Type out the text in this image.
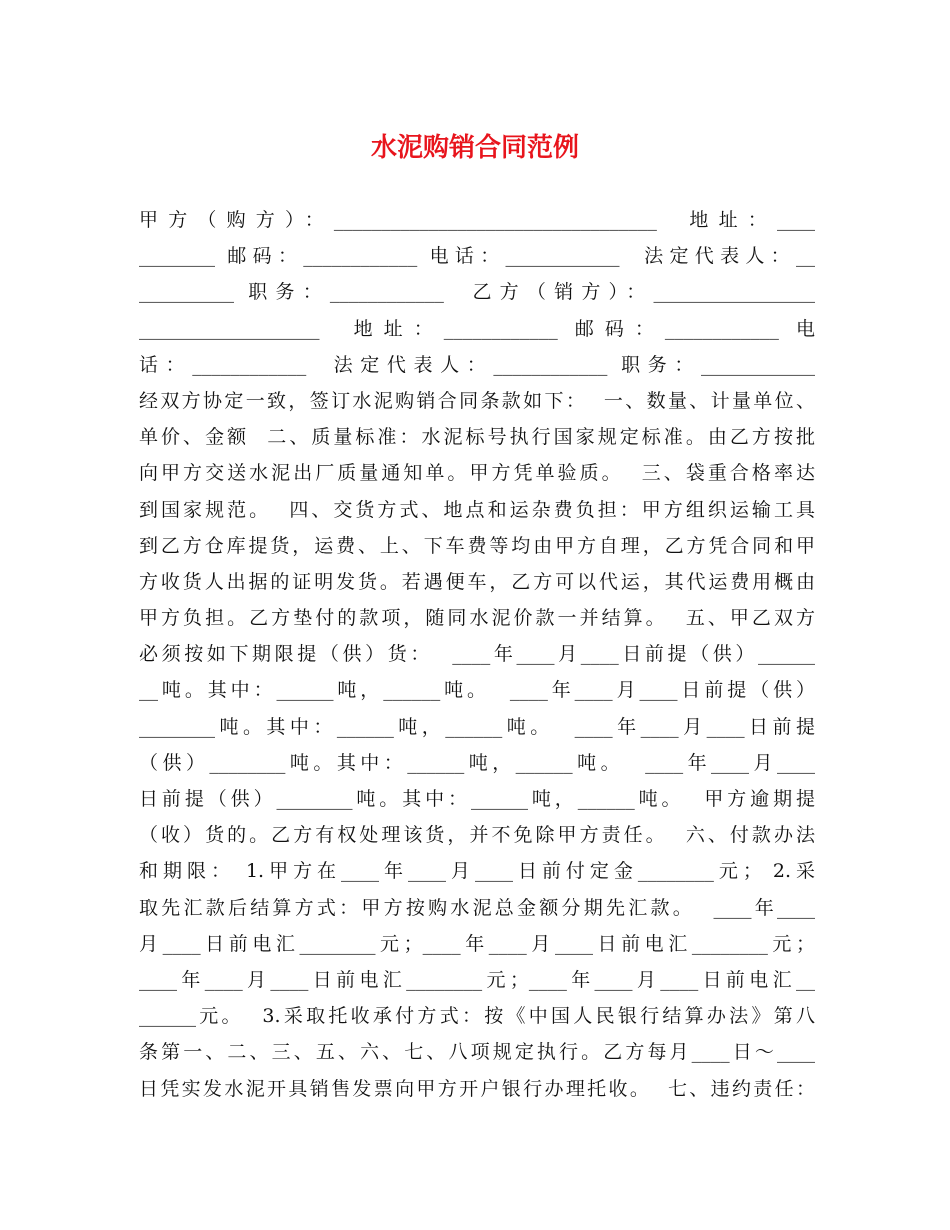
水泥购销合同范例
甲方（购方）：__________________________________  地址：____
________ 邮码：____________ 电话：____________  法定代表人：__
__________ 职务：____________  乙方（销方）：_________________
___________________  地址：____________ 邮码：____________ 电
话：____________  法定代表人：____________ 职务：____________
经双方协定一致，签订水泥购销合同条款如下：  一、数量、计量单位、
单价、金额  二、质量标准：水泥标号执行国家规定标准。由乙方按批
向甲方交送水泥出厂质量通知单。甲方凭单验质。  三、袋重合格率达
到国家规范。  四、交货方式、地点和运杂费负担：甲方组织运输工具
到乙方仓库提货，运费、上、下车费等均由甲方自理，乙方凭合同和甲
方收货人出据的证明发货。若遇便车，乙方可以代运，其代运费用概由
甲方负担。乙方垫付的款项，随同水泥价款一并结算。  五、甲乙双方
必须按如下期限提（供）货：  ____年____月____日前提（供）______
__吨。其中：______吨，______吨。  ____年____月____日前提（供）
________吨。其中：______吨，______吨。  ____年____月____日前提
（供）________吨。其中：______吨，______吨。  ____年____月____
日前提（供）________吨。其中：______吨，______吨。  甲方逾期提
（收）货的。乙方有权处理该货，并不免除甲方责任。  六、付款办法
和期限： 1.甲方在____年____月____日前付定金________元； 2.采
取先汇款后结算方式：甲方按购水泥总金额分期先汇款。  ____年____
月____日前电汇________元；____年____月____日前电汇________元；
____年____月____日前电汇________元；____年____月____日前电汇__
______元。  3.采取托收承付方式：按《中国人民银行结算办法》第八
条第一、二、三、五、六、七、八项规定执行。乙方每月____日～____
日凭实发水泥开具销售发票向甲方开户银行办理托收。  七、违约责任：
